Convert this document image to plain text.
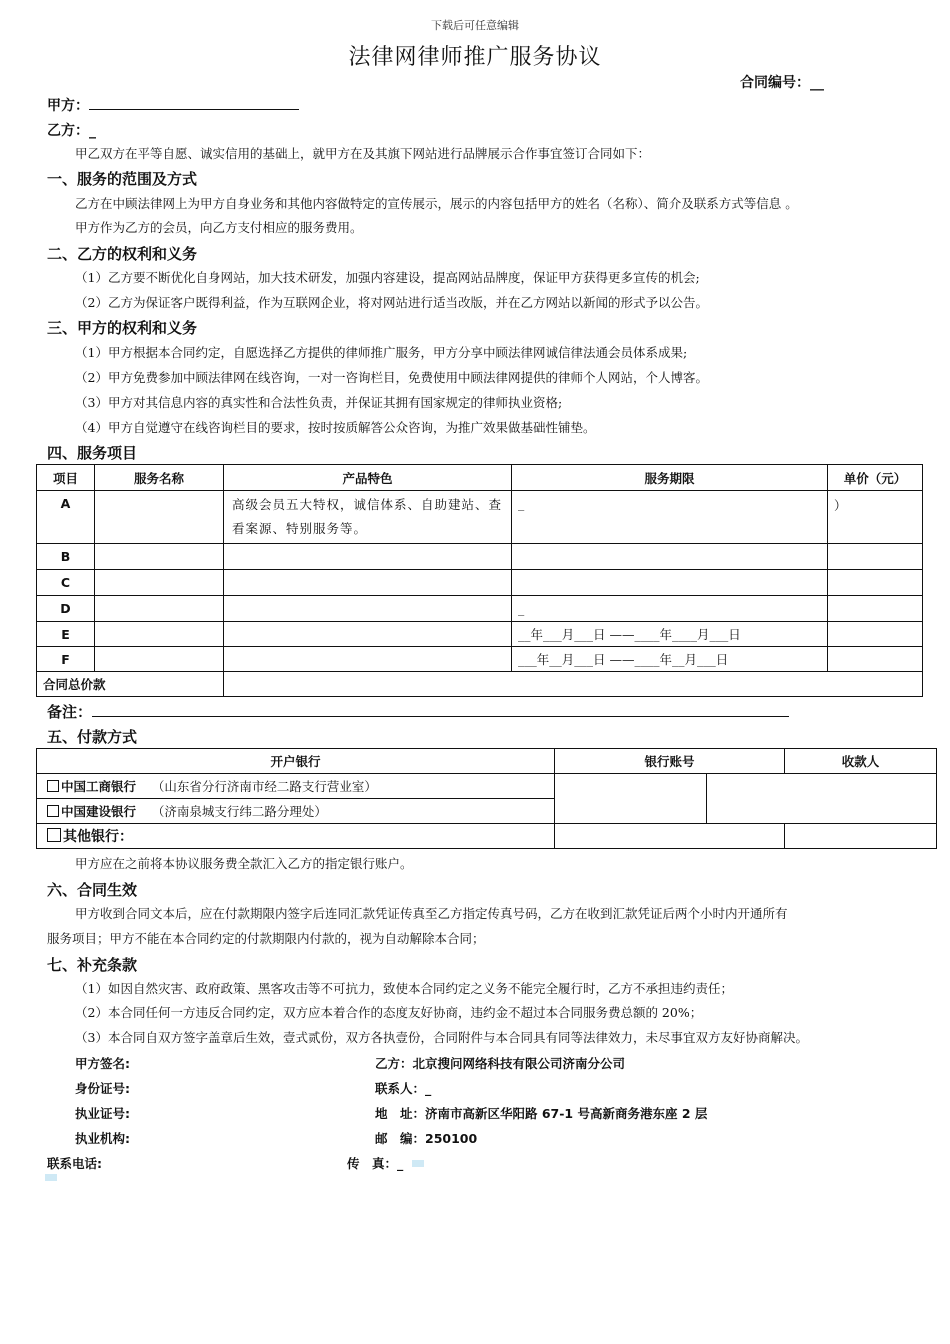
下载后可任意编辑
法律网律师推广服务协议
合同编号：__
甲方：
乙方：_
甲乙双方在平等自愿、诚实信用的基础上，就甲方在及其旗下网站进行品牌展示合作事宜签订合同如下：
一、服务的范围及方式
乙方在中顾法律网上为甲方自身业务和其他内容做特定的宣传展示，展示的内容包括甲方的姓名（名称）、简介及联系方式等信息 。
甲方作为乙方的会员，向乙方支付相应的服务费用。
二、乙方的权利和义务
（1）乙方要不断优化自身网站，加大技术研发，加强内容建设，提高网站品牌度，保证甲方获得更多宣传的机会;
（2）乙方为保证客户既得利益，作为互联网企业，将对网站进行适当改版，并在乙方网站以新闻的形式予以公告。
三、甲方的权利和义务
（1）甲方根据本合同约定，自愿选择乙方提供的律师推广服务，甲方分享中顾法律网诚信律法通会员体系成果;
（2）甲方免费参加中顾法律网在线咨询，一对一咨询栏目，免费使用中顾法律网提供的律师个人网站，个人博客。
（3）甲方对其信息内容的真实性和合法性负责，并保证其拥有国家规定的律师执业资格;
（4）甲方自觉遵守在线咨询栏目的要求，按时按质解答公众咨询，为推广效果做基础性铺垫。
四、服务项目
项目	服务名称	产品特色	服务期限	单价（元）
A		高级会员五大特权，诚信体系、自助建站、查看案源、特别服务等。	_	）
B				
C				
D			_	
E			__年___月___日 ——____年____月___日	
F			___年__月___日 ——____年__月___日	
合同总价款				
备注：
五、付款方式
开户银行	银行账号		收款人
中国工商银行 （山东省分行济南市经二路支行营业室）			
中国建设银行 （济南泉城支行纬二路分理处）			
其他银行：			
甲方应在之前将本协议服务费全款汇入乙方的指定银行账户。
六、合同生效
甲方收到合同文本后，应在付款期限内签字后连同汇款凭证传真至乙方指定传真号码，乙方在收到汇款凭证后两个小时内开通所有
服务项目；甲方不能在本合同约定的付款期限内付款的，视为自动解除本合同；
七、补充条款
（1）如因自然灾害、政府政策、黑客攻击等不可抗力，致使本合同约定之义务不能完全履行时，乙方不承担违约责任；
（2）本合同任何一方违反合同约定，双方应本着合作的态度友好协商，违约金不超过本合同服务费总额的 20%；
（3）本合同自双方签字盖章后生效，壹式贰份，双方各执壹份，合同附件与本合同具有同等法律效力，未尽事宜双方友好协商解决。
甲方签名:
身份证号:
执业证号:
执业机构:
联系电话:
乙方：北京搜问网络科技有限公司济南分公司
联系人：_
地　址：济南市高新区华阳路 67-1 号高新商务港东座 2 层
邮　编：250100
传　真：_
